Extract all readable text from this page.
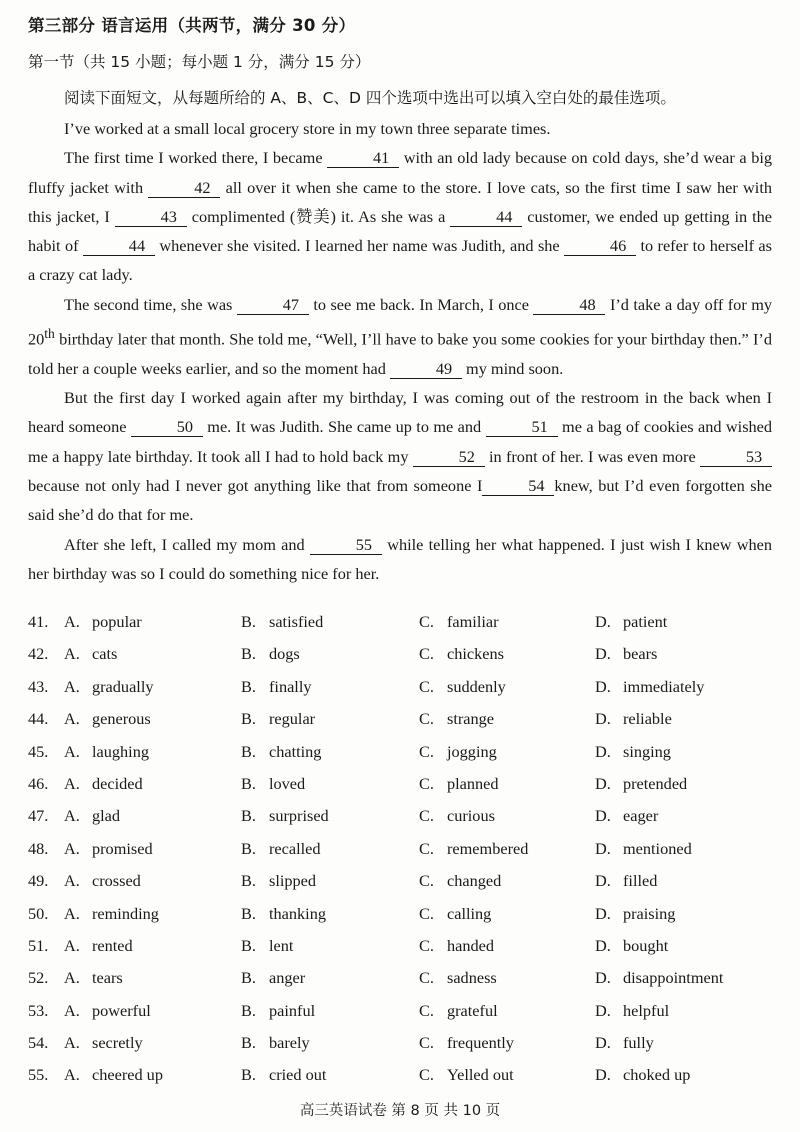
第三部分 语言运用（共两节，满分 30 分）
第一节（共 15 小题；每小题 1 分，满分 15 分）
阅读下面短文，从每题所给的 A、B、C、D 四个选项中选出可以填入空白处的最佳选项。

I’ve worked at a small local grocery store in my town three separate times.

The first time I worked there, I became	41 with an old lady because on cold days, she’d wear a big fluffy jacket with	42 all over it when she came to the store. I love cats, so the first time I saw her with this jacket, I	43 complimented (赞美) it. As she was a	44 customer, we ended up getting in the habit of	44 whenever she visited. I learned her name was Judith, and she	46 to refer to herself as a crazy cat lady.

The second time, she was	47 to see me back. In March, I once	48 I’d take a day off for my 20th birthday later that month. She told me, “Well, I’ll have to bake you some cookies for your birthday then.” I’d told her a couple weeks earlier, and so the moment had	49 my mind soon.

But the first day I worked again after my birthday, I was coming out of the restroom in the back when I heard someone	50 me. It was Judith. She came up to me and	51 me a bag of cookies and wished me a happy late birthday. It took all I had to hold back my	52 in front of her. I was even more	53 because not only had I never got anything like that from someone I	54 knew, but I’d even forgotten she said she’d do that for me.

After she left, I called my mom and	55 while telling her what happened. I just wish I knew when her birthday was so I could do something nice for her.

41. A. popular	B. satisfied	C. familiar	D. patient
42. A. cats	B. dogs	C. chickens	D. bears
43. A. gradually	B. finally	C. suddenly	D. immediately
44. A. generous	B. regular	C. strange	D. reliable
45. A. laughing	B. chatting	C. jogging	D. singing
46. A. decided	B. loved	C. planned	D. pretended
47. A. glad	B. surprised	C. curious	D. eager
48. A. promised	B. recalled	C. remembered	D. mentioned
49. A. crossed	B. slipped	C. changed	D. filled
50. A. reminding	B. thanking	C. calling	D. praising
51. A. rented	B. lent	C. handed	D. bought
52. A. tears	B. anger	C. sadness	D. disappointment
53. A. powerful	B. painful	C. grateful	D. helpful
54. A. secretly	B. barely	C. frequently	D. fully
55. A. cheered up	B. cried out	C. Yelled out	D. choked up
高三英语试卷 第 8 页 共 10 页
